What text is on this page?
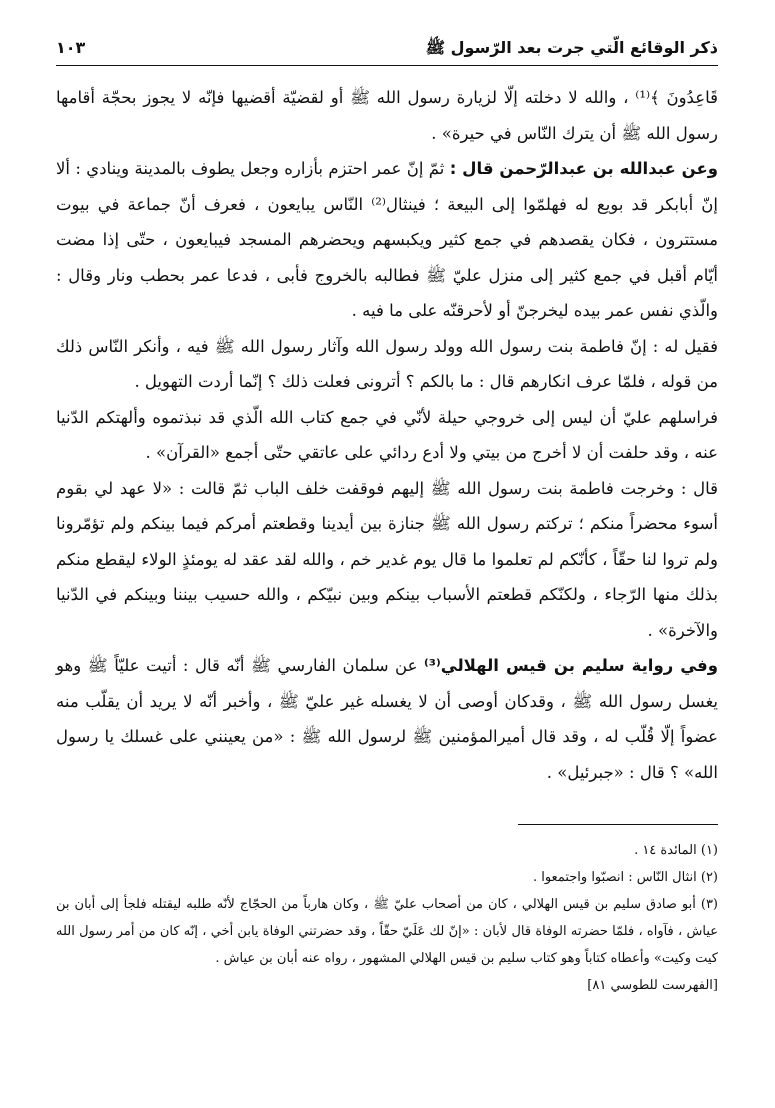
ذكر الوقائع الّتي جرت بعد الرّسول ﷺ
١٠٣

قَاعِدُونَ ﴾⁽¹⁾ ، والله لا دخلته إلّا لزيارة رسول الله ﷺ أو لقضيّة أقضيها فإنّه لا يجوز بحجّة أقامها رسول الله ﷺ أن يترك النّاس في حيرة» .

وعن عبدالله بن عبدالرّحمن قال : ثمّ إنّ عمر احتزم بأزاره وجعل يطوف بالمدينة وينادي : ألا إنّ أبابكر قد بويع له فهلمّوا إلى البيعة ؛ فينثال⁽²⁾ النّاس يبايعون ، فعرف أنّ جماعة في بيوت مستترون ، فكان يقصدهم في جمع كثير ويكبسهم ويحضرهم المسجد فيبايعون ، حتّى إذا مضت أيّام أقبل في جمع كثير إلى منزل عليّ ﷺ فطالبه بالخروج فأبى ، فدعا عمر بحطب ونار وقال : والّذي نفس عمر بيده ليخرجنّ أو لأحرقنّه على ما فيه .

فقيل له : إنّ فاطمة بنت رسول الله وولد رسول الله وآثار رسول الله ﷺ فيه ، وأنكر النّاس ذلك من قوله ، فلمّا عرف انكارهم قال : ما بالكم ؟ أترونى فعلت ذلك ؟ إنّما أردت التهويل .

فراسلهم عليّ أن ليس إلى خروجي حيلة لأنّي في جمع كتاب الله الّذي قد نبذتموه وألهتكم الدّنيا عنه ، وقد حلفت أن لا أخرج من بيتي ولا أدع ردائي على عاتقي حتّى أجمع «القرآن» .

قال : وخرجت فاطمة بنت رسول الله ﷺ إليهم فوقفت خلف الباب ثمّ قالت : «لا عهد لي بقوم أسوء محضراً منكم ؛ تركتم رسول الله ﷺ جنازة بين أيدينا وقطعتم أمركم فيما بينكم ولم تؤمّرونا ولم تروا لنا حقّاً ، كأنّكم لم تعلموا ما قال يوم غدير خم ، والله لقد عقد له يومئذٍ الولاء ليقطع منكم بذلك منها الرّجاء ، ولكنّكم قطعتم الأسباب بينكم وبين نبيّكم ، والله حسيب بيننا وبينكم في الدّنيا والآخرة» .

وفي رواية سليم بن قيس الهلالي⁽³⁾ عن سلمان الفارسي ﷺ أنّه قال : أتيت عليّاً ﷺ وهو يغسل رسول الله ﷺ ، وقدكان أوصى أن لا يغسله غير عليّ ﷺ ، وأخبر أنّه لا يريد أن يقلّب منه عضواً إلّا قُلّب له ، وقد قال أميرالمؤمنين ﷺ لرسول الله ﷺ : «من يعينني على غسلك يا رسول الله» ؟ قال : «جبرئيل» .

(١) المائدة ١٤ .

(٢) انثال النّاس : انصبّوا واجتمعوا .

(٣) أبو صادق سليم بن قيس الهلالي ، كان من أصحاب عليّ ﷺ ، وكان هارباً من الحجّاج لأنّه طلبه ليقتله فلجأ إلى أبان بن عياش ، فآواه ، فلمّا حضرته الوفاة قال لأبان : «إنّ لك عَلَيّ حقّاً ، وقد حضرتني الوفاة يابن أخي ، إنّه كان من أمر رسول الله كيت وكيت» وأعطاه كتاباً وهو كتاب سليم بن قيس الهلالي المشهور ، رواه عنه أبان بن عياش .

[الفهرست للطوسي ٨١]
